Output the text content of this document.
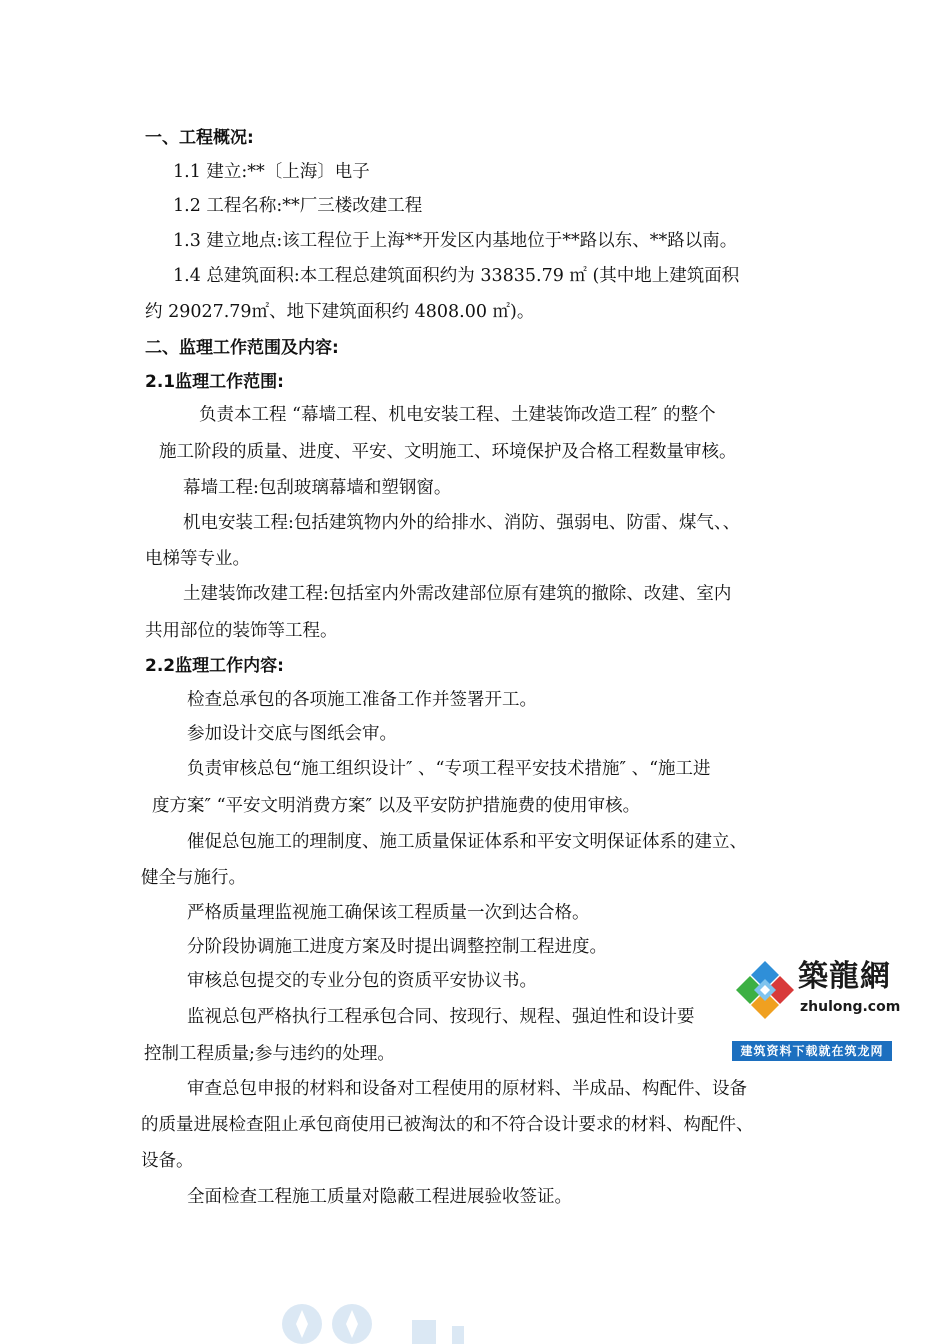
一、工程概况:
1.1 建立:**〔上海〕电子
1.2 工程名称:**厂三楼改建工程
1.3 建立地点:该工程位于上海**开发区内基地位于**路以东、**路以南。
1.4 总建筑面积:本工程总建筑面积约为 33835.79 ㎡ (其中地上建筑面积
约 29027.79㎡、地下建筑面积约 4808.00 ㎡)。
二、监理工作范围及内容:
2.1监理工作范围:
负责本工程 “幕墙工程、机电安装工程、土建装饰改造工程″ 的整个
施工阶段的质量、进度、平安、文明施工、环境保护及合格工程数量审核。
幕墙工程:包刮玻璃幕墙和塑钢窗。
机电安装工程:包括建筑物内外的给排水、消防、强弱电、防雷、煤气、、
电梯等专业。
土建装饰改建工程:包括室内外需改建部位原有建筑的撤除、改建、室内
共用部位的装饰等工程。
2.2监理工作内容:
检查总承包的各项施工准备工作并签署开工。
参加设计交底与图纸会审。
负责审核总包“施工组织设计″ 、“专项工程平安技术措施″ 、“施工进
度方案″ “平安文明消费方案″ 以及平安防护措施费的使用审核。
催促总包施工的理制度、施工质量保证体系和平安文明保证体系的建立、
健全与施行。
严格质量理监视施工确保该工程质量一次到达合格。
分阶段协调施工进度方案及时提出调整控制工程进度。
审核总包提交的专业分包的资质平安协议书。
监视总包严格执行工程承包合同、按现行、规程、强迫性和设计要
控制工程质量;参与违约的处理。
审查总包申报的材料和设备对工程使用的原材料、半成品、构配件、设备
的质量进展检查阻止承包商使用已被淘汰的和不符合设计要求的材料、构配件、
设备。
全面检查工程施工质量对隐蔽工程进展验收签证。
築龍網
zhulong.com
建筑资料下载就在筑龙网
